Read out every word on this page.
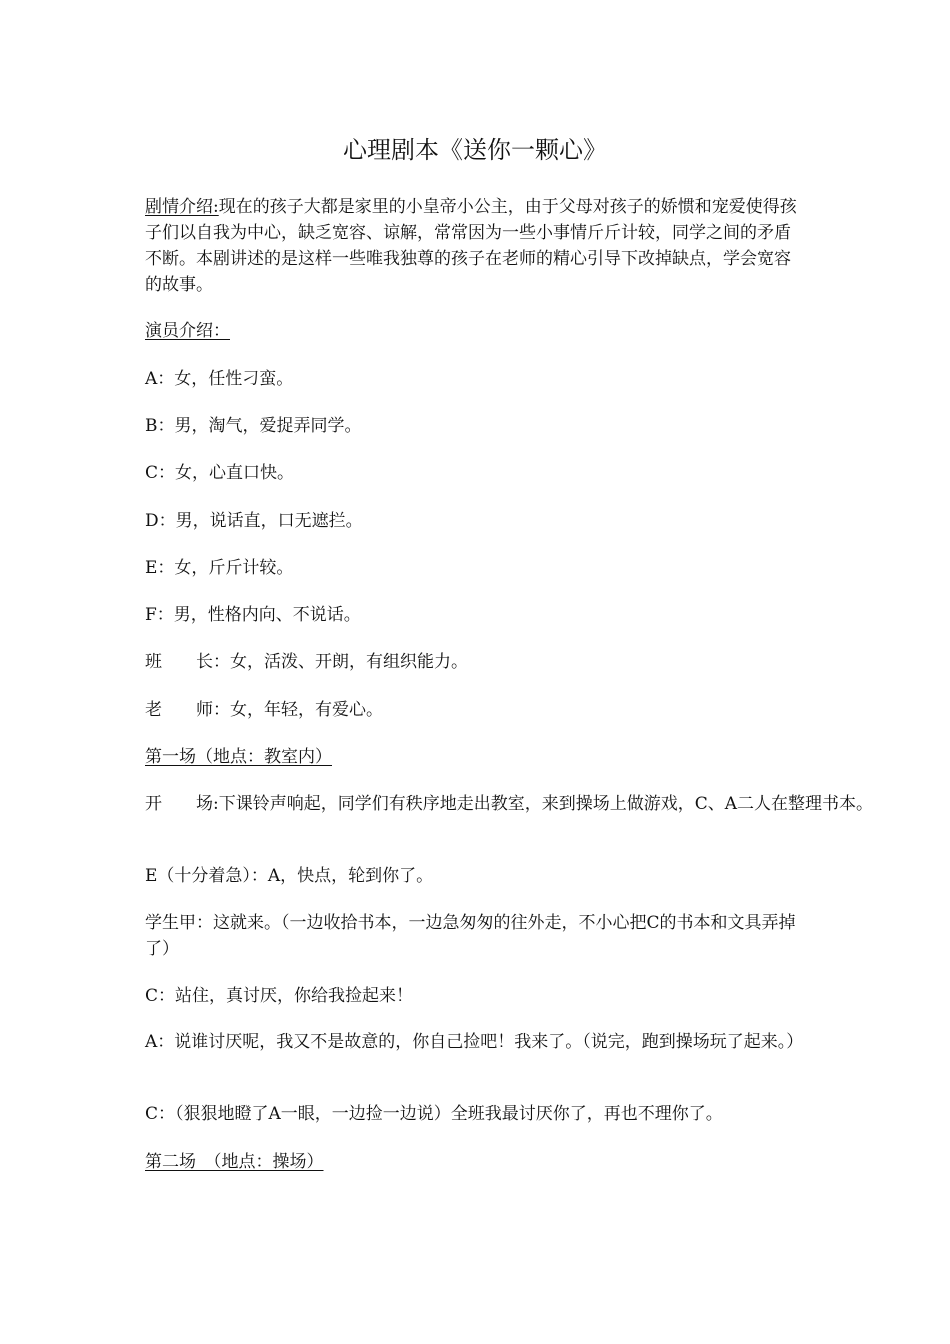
心理剧本《送你一颗心》

剧情介绍:现在的孩子大都是家里的小皇帝小公主，由于父母对孩子的娇惯和宠爱使得孩子们以自我为中心，缺乏宽容、谅解，常常因为一些小事情斤斤计较，同学之间的矛盾不断。本剧讲述的是这样一些唯我独尊的孩子在老师的精心引导下改掉缺点，学会宽容的故事。

演员介绍：

A：女，任性刁蛮。

B：男，淘气，爱捉弄同学。

C：女，心直口快。

D：男，说话直，口无遮拦。

E：女，斤斤计较。

F：男，性格内向、不说话。

班　　长：女，活泼、开朗，有组织能力。

老　　师：女，年轻，有爱心。

第一场（地点：教室内）

开　　场:下课铃声响起，同学们有秩序地走出教室，来到操场上做游戏，C、A二人在整理书本。

E（十分着急）：A，快点，轮到你了。

学生甲：这就来。（一边收拾书本，一边急匆匆的往外走，不小心把C的书本和文具弄掉了）

C：站住，真讨厌，你给我捡起来！

A：说谁讨厌呢，我又不是故意的，你自己捡吧！我来了。（说完，跑到操场玩了起来。）

C：（狠狠地瞪了A一眼，一边捡一边说）全班我最讨厌你了，再也不理你了。

第二场　（地点：操场）
